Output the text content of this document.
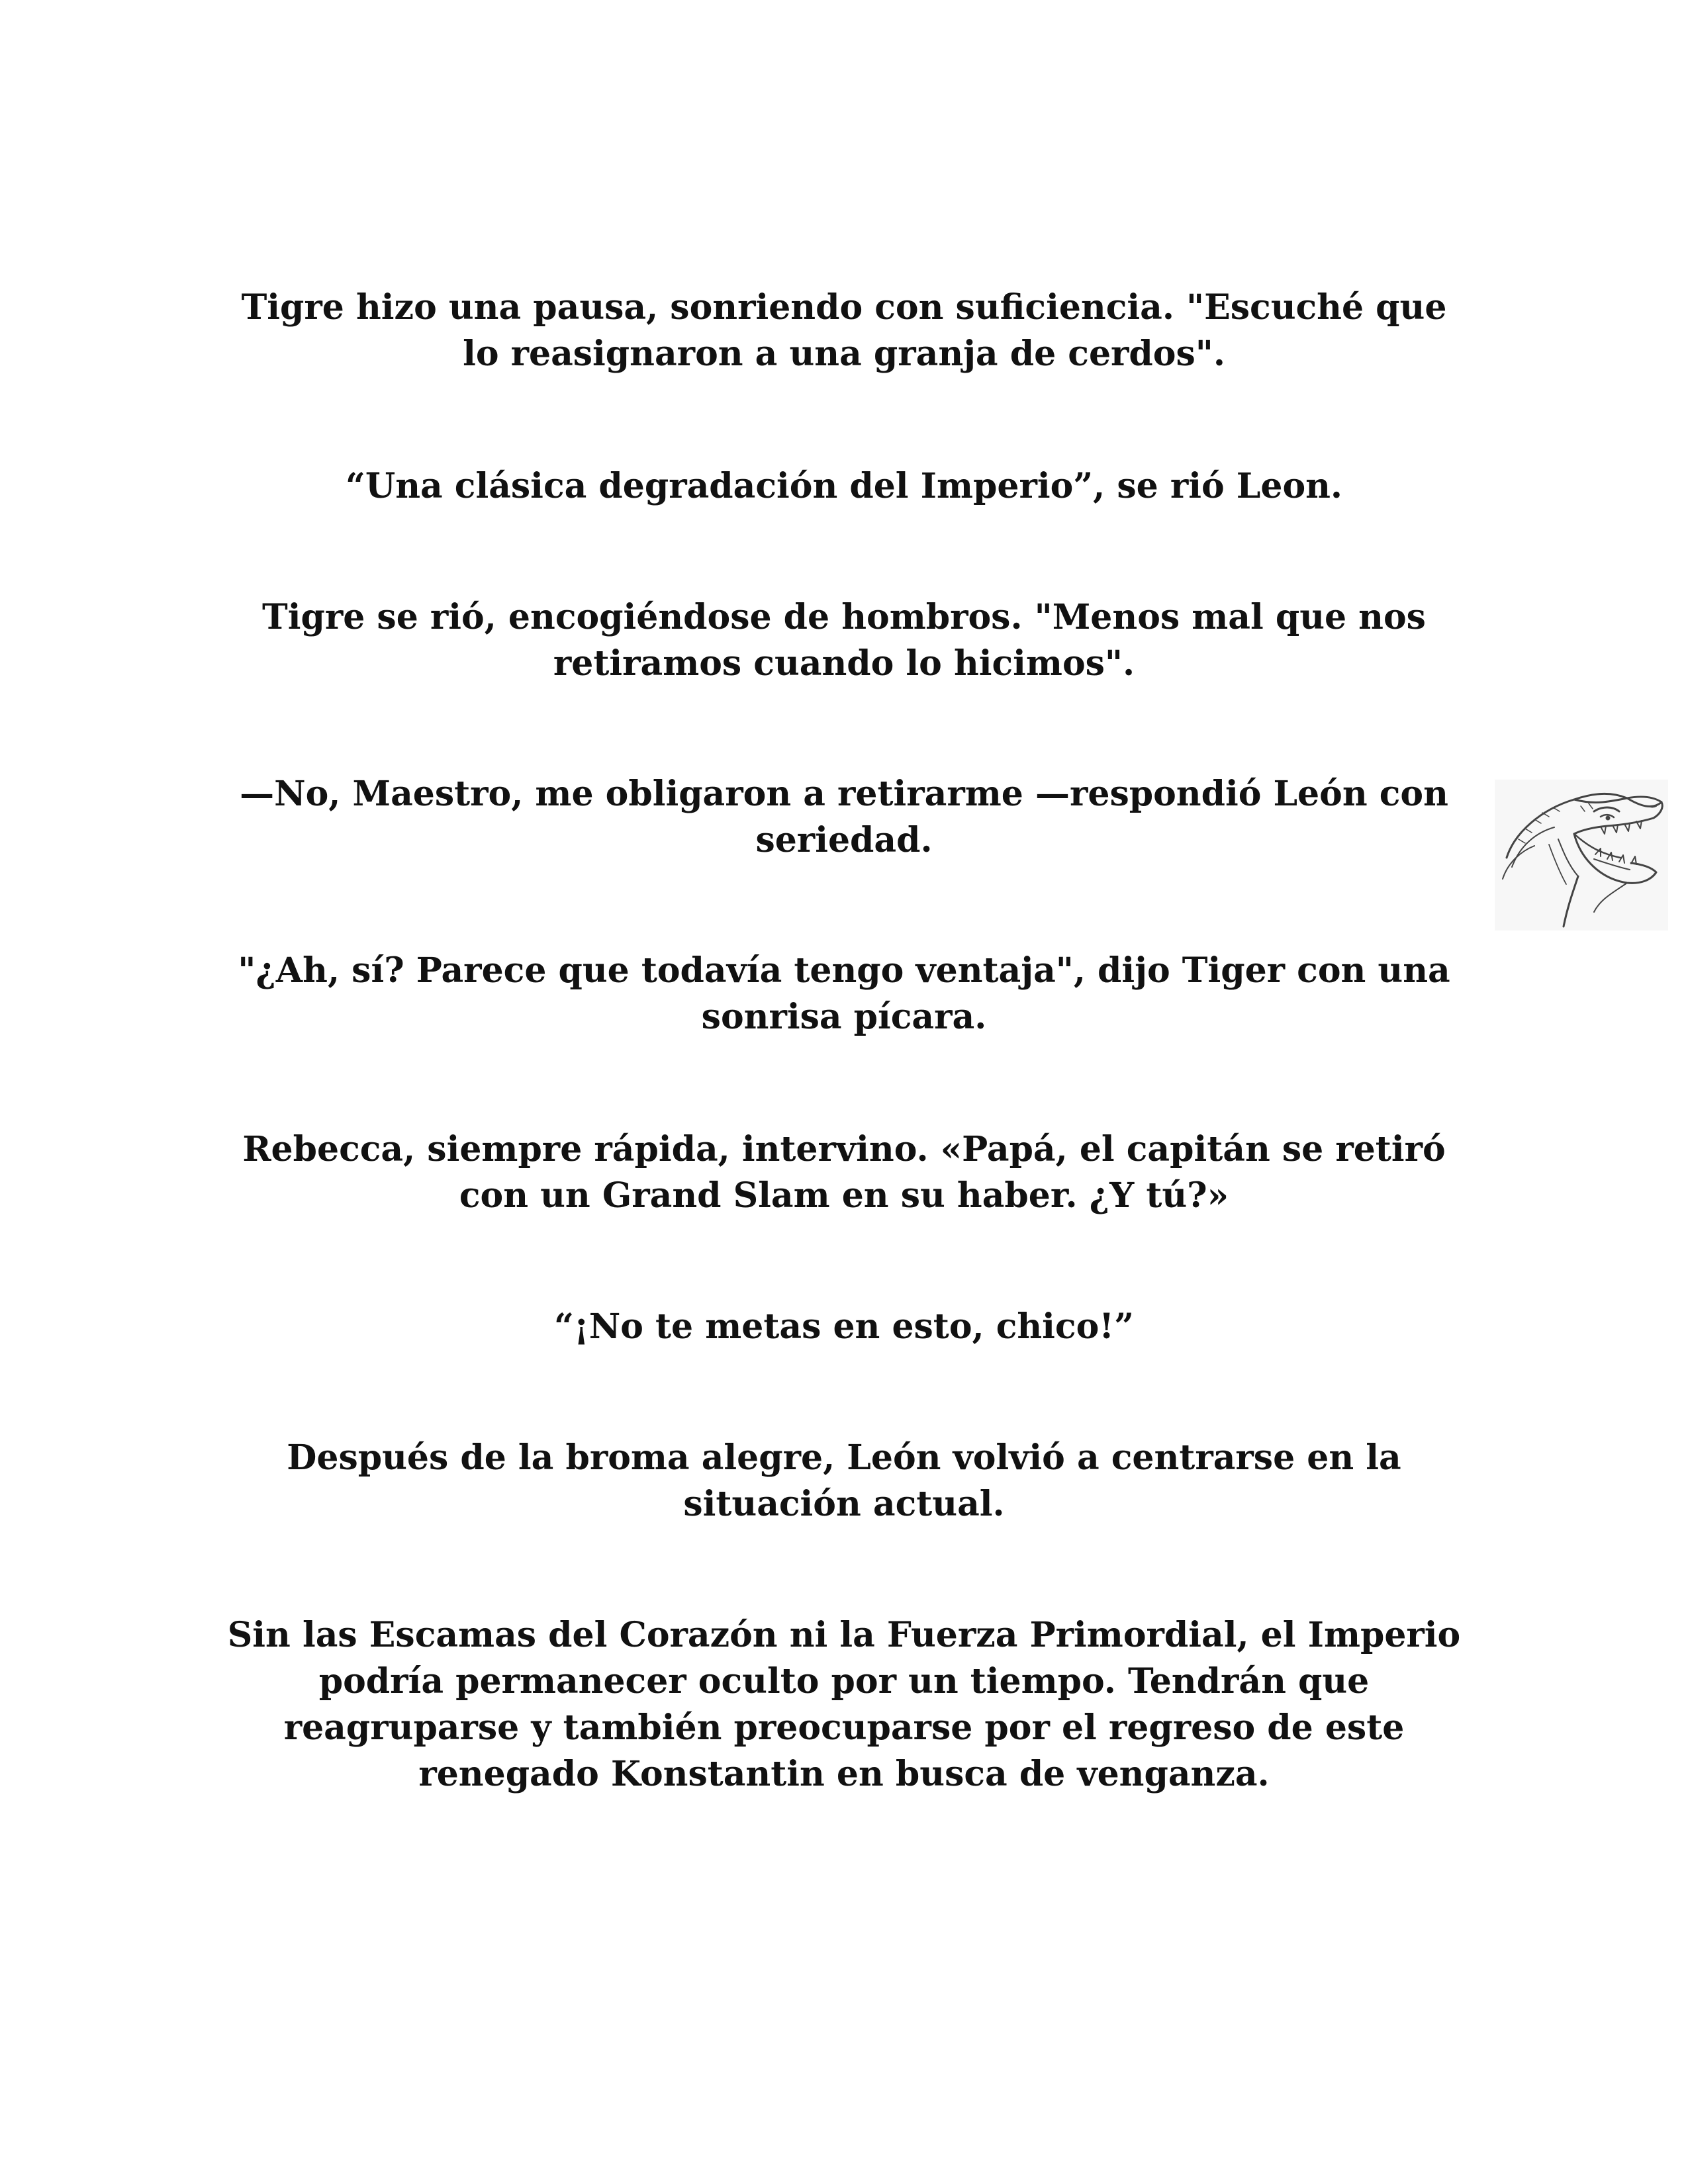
Tigre hizo una pausa, sonriendo con suficiencia. "Escuché que lo reasignaron a una granja de cerdos".

“Una clásica degradación del Imperio”, se rió Leon.

Tigre se rió, encogiéndose de hombros. "Menos mal que nos retiramos cuando lo hicimos".

—No, Maestro, me obligaron a retirarme —respondió León con seriedad.

"¿Ah, sí? Parece que todavía tengo ventaja", dijo Tiger con una sonrisa pícara.

Rebecca, siempre rápida, intervino. «Papá, el capitán se retiró con un Grand Slam en su haber. ¿Y tú?»

“¡No te metas en esto, chico!”

Después de la broma alegre, León volvió a centrarse en la situación actual.

Sin las Escamas del Corazón ni la Fuerza Primordial, el Imperio podría permanecer oculto por un tiempo. Tendrán que reagruparse y también preocuparse por el regreso de este renegado Konstantin en busca de venganza.
